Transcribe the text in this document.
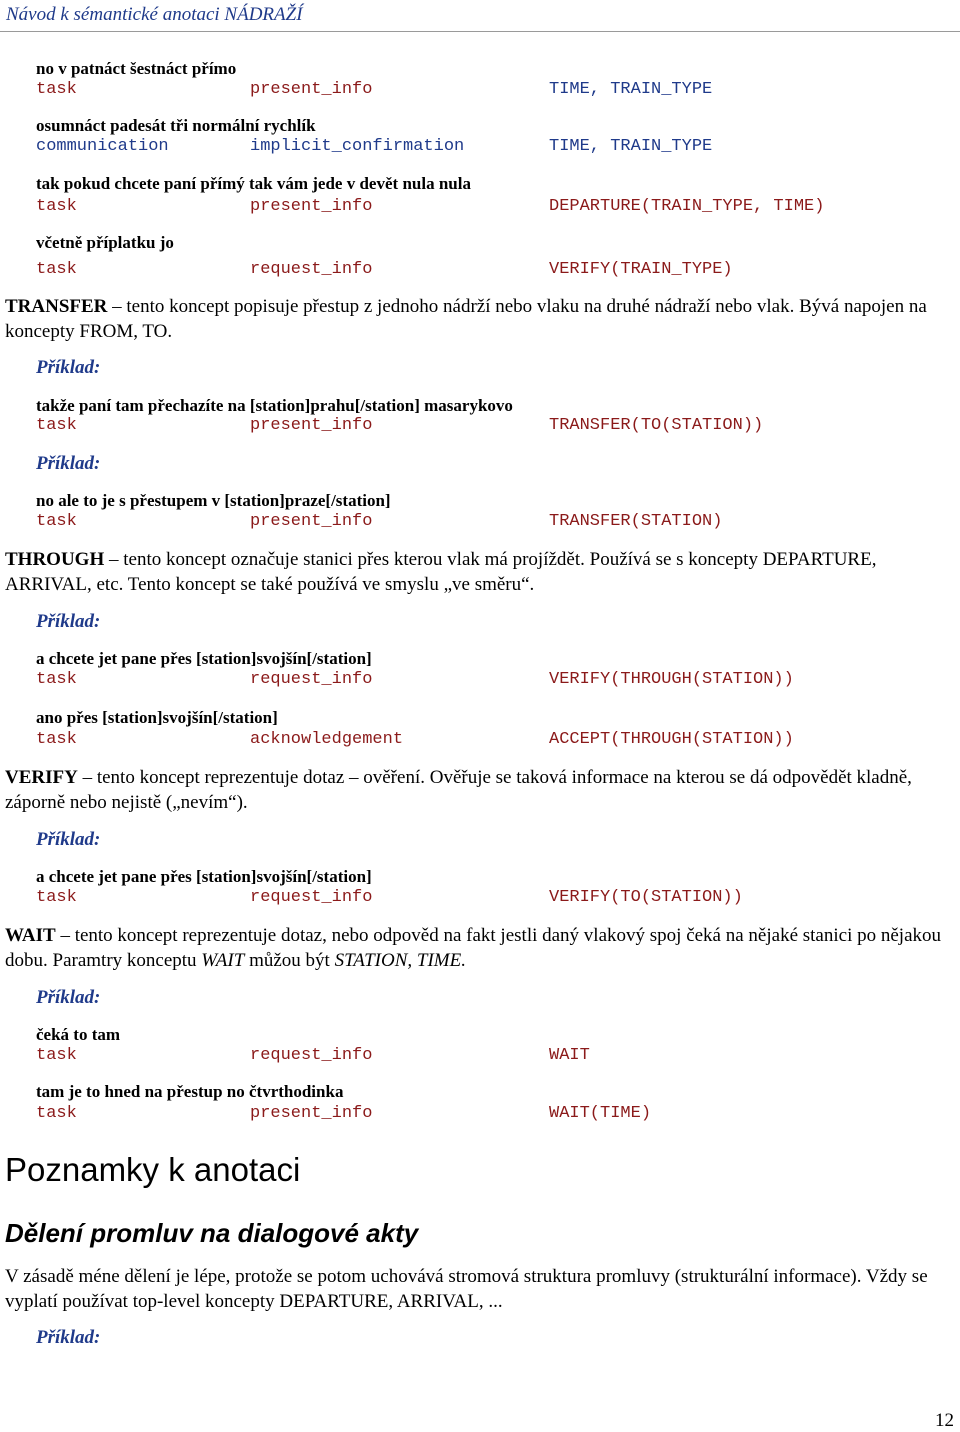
Návod k sémantické anotaci NÁDRAŽÍ
no v patnáct šestnáct přímo
task	present_info	TIME, TRAIN_TYPE
osumnáct padesát tři normální rychlík
communication	implicit_confirmation	TIME, TRAIN_TYPE
tak pokud chcete paní přímý tak vám jede v devět nula nula
task	present_info	DEPARTURE(TRAIN_TYPE, TIME)
včetně příplatku jo
task	request_info	VERIFY(TRAIN_TYPE)
TRANSFER – tento koncept popisuje přestup z jednoho nádrží nebo vlaku na druhé nádraží nebo vlak. Bývá napojen na koncepty FROM, TO.
Příklad:
takže paní tam přechazíte na [station]prahu[/station] masarykovo
task	present_info	TRANSFER(TO(STATION))
Příklad:
no ale to je s přestupem v [station]praze[/station]
task	present_info	TRANSFER(STATION)
THROUGH – tento koncept označuje stanici přes kterou vlak má projíždět. Používá se s koncepty DEPARTURE, ARRIVAL, etc. Tento koncept se také používá ve smyslu „ve směru“.
Příklad:
a chcete jet pane přes [station]svojšín[/station]
task	request_info	VERIFY(THROUGH(STATION))
ano přes [station]svojšín[/station]
task	acknowledgement	ACCEPT(THROUGH(STATION))
VERIFY – tento koncept reprezentuje dotaz – ověření. Ověřuje se taková informace na kterou se dá odpovědět kladně, záporně nebo nejistě („nevím“).
Příklad:
a chcete jet pane přes [station]svojšín[/station]
task	request_info	VERIFY(TO(STATION))
WAIT – tento koncept reprezentuje dotaz, nebo odpověd na fakt jestli daný vlakový spoj čeká na nějaké stanici po nějakou dobu. Paramtry konceptu WAIT můžou být STATION, TIME.
Příklad:
čeká to tam
task	request_info	WAIT
tam je to hned na přestup no čtvrthodinka
task	present_info	WAIT(TIME)
Poznamky k anotaci
Dělení promluv na dialogové akty
V zásadě méne dělení je lépe, protože se potom uchovává stromová struktura promluvy (strukturální informace). Vždy se vyplatí používat top-level koncepty DEPARTURE, ARRIVAL, ...
Příklad:
12
